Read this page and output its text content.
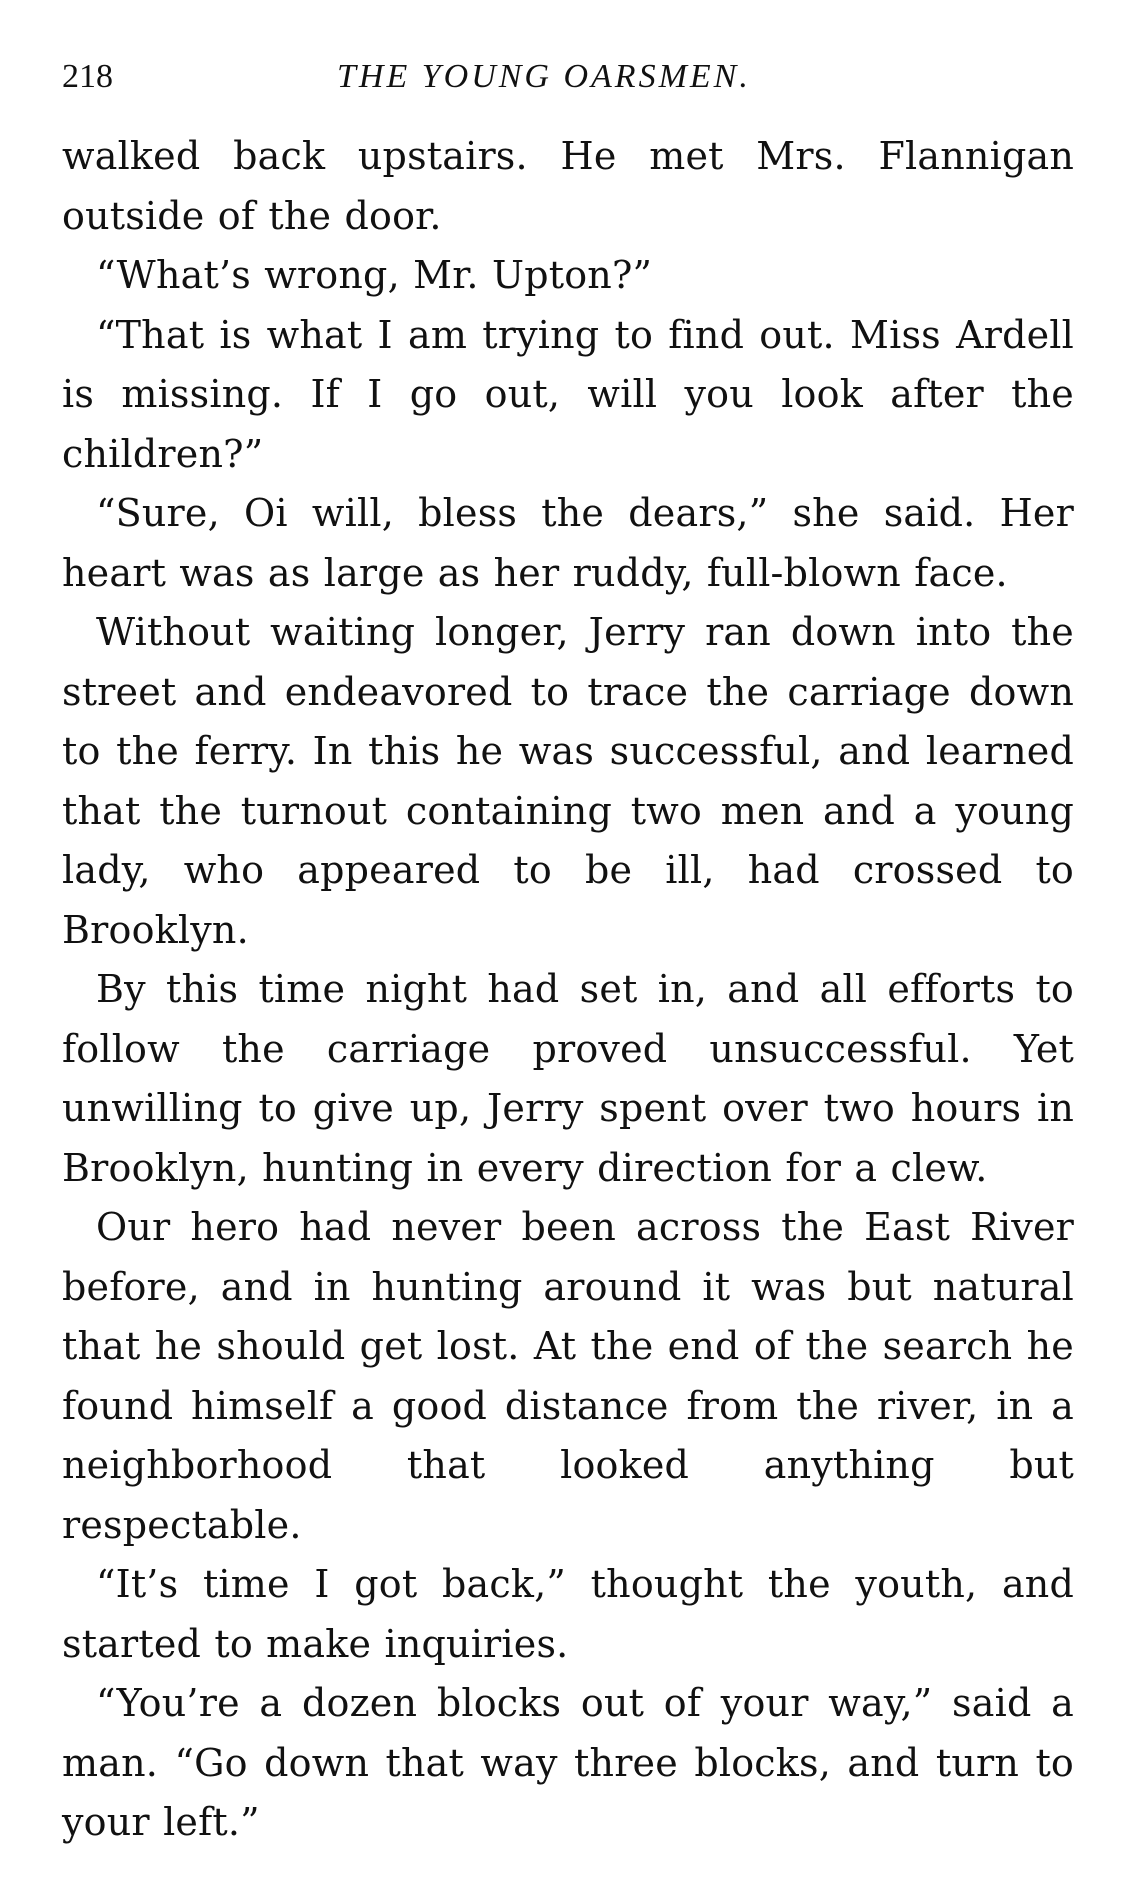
218	THE YOUNG OARSMEN.

walked back upstairs. He met Mrs. Flannigan outside of the door.

“What’s wrong, Mr. Upton?”

“That is what I am trying to find out. Miss Ardell is missing. If I go out, will you look after the children?”

“Sure, Oi will, bless the dears,” she said. Her heart was as large as her ruddy, full-blown face.

Without waiting longer, Jerry ran down into the street and endeavored to trace the carriage down to the ferry. In this he was successful, and learned that the turnout containing two men and a young lady, who appeared to be ill, had crossed to Brooklyn.

By this time night had set in, and all efforts to follow the carriage proved unsuccessful. Yet unwilling to give up, Jerry spent over two hours in Brooklyn, hunting in every direction for a clew.

Our hero had never been across the East River before, and in hunting around it was but natural that he should get lost. At the end of the search he found himself a good distance from the river, in a neighborhood that looked anything but respectable.

“It’s time I got back,” thought the youth, and started to make inquiries.

“You’re a dozen blocks out of your way,” said a man. “Go down that way three blocks, and turn to your left.”
